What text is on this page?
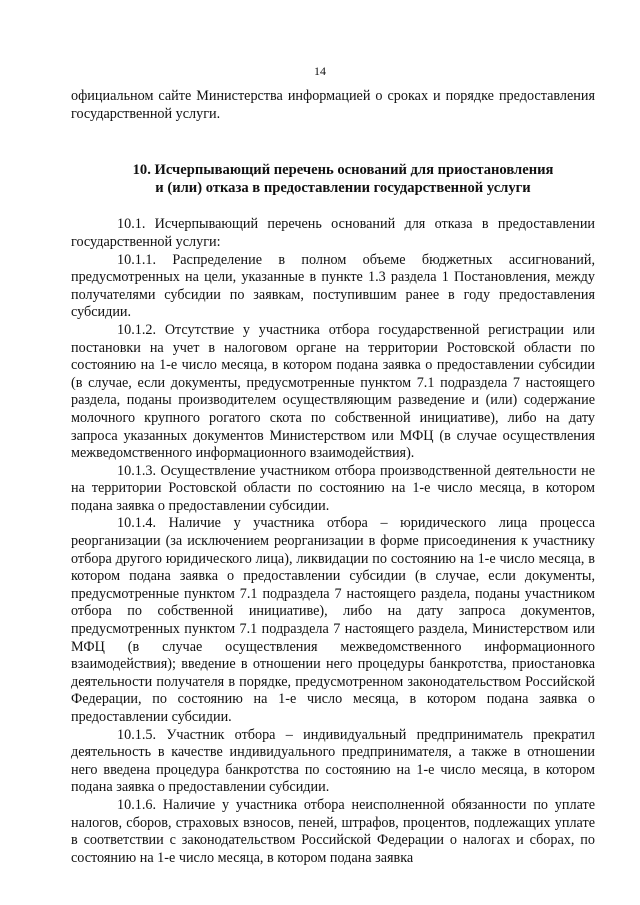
14

официальном сайте Министерства информацией о сроках и порядке предоставления государственной услуги.

10. Исчерпывающий перечень оснований для приостановления
и (или) отказа в предоставлении государственной услуги

10.1. Исчерпывающий перечень оснований для отказа в предоставлении государственной услуги:

10.1.1. Распределение в полном объеме бюджетных ассигнований, предусмотренных на цели, указанные в пункте 1.3 раздела 1 Постановления, между получателями субсидии по заявкам, поступившим ранее в году предоставления субсидии.

10.1.2. Отсутствие у участника отбора государственной регистрации или постановки на учет в налоговом органе на территории Ростовской области по состоянию на 1-е число месяца, в котором подана заявка о предоставлении субсидии (в случае, если документы, предусмотренные пунктом 7.1 подраздела 7 настоящего раздела, поданы производителем осуществляющим разведение и (или) содержание молочного крупного рогатого скота по собственной инициативе), либо на дату запроса указанных документов Министерством или МФЦ (в случае осуществления межведомственного информационного взаимодействия).

10.1.3. Осуществление участником отбора производственной деятельности не на территории Ростовской области по состоянию на 1-е число месяца, в котором подана заявка о предоставлении субсидии.

10.1.4. Наличие у участника отбора – юридического лица процесса реорганизации (за исключением реорганизации в форме присоединения к участнику отбора другого юридического лица), ликвидации по состоянию на 1-е число месяца, в котором подана заявка о предоставлении субсидии (в случае, если документы, предусмотренные пунктом 7.1 подраздела 7 настоящего раздела, поданы участником отбора по собственной инициативе), либо на дату запроса документов, предусмотренных пунктом 7.1 подраздела 7 настоящего раздела, Министерством или МФЦ (в случае осуществления межведомственного информационного взаимодействия); введение в отношении него процедуры банкротства, приостановка деятельности получателя в порядке, предусмотренном законодательством Российской Федерации, по состоянию на 1-е число месяца, в котором подана заявка о предоставлении субсидии.

10.1.5. Участник отбора – индивидуальный предприниматель прекратил деятельность в качестве индивидуального предпринимателя, а также в отношении него введена процедура банкротства по состоянию на 1-е число месяца, в котором подана заявка о предоставлении субсидии.

10.1.6. Наличие у участника отбора неисполненной обязанности по уплате налогов, сборов, страховых взносов, пеней, штрафов, процентов, подлежащих уплате в соответствии с законодательством Российской Федерации о налогах и сборах, по состоянию на 1-е число месяца, в котором подана заявка
